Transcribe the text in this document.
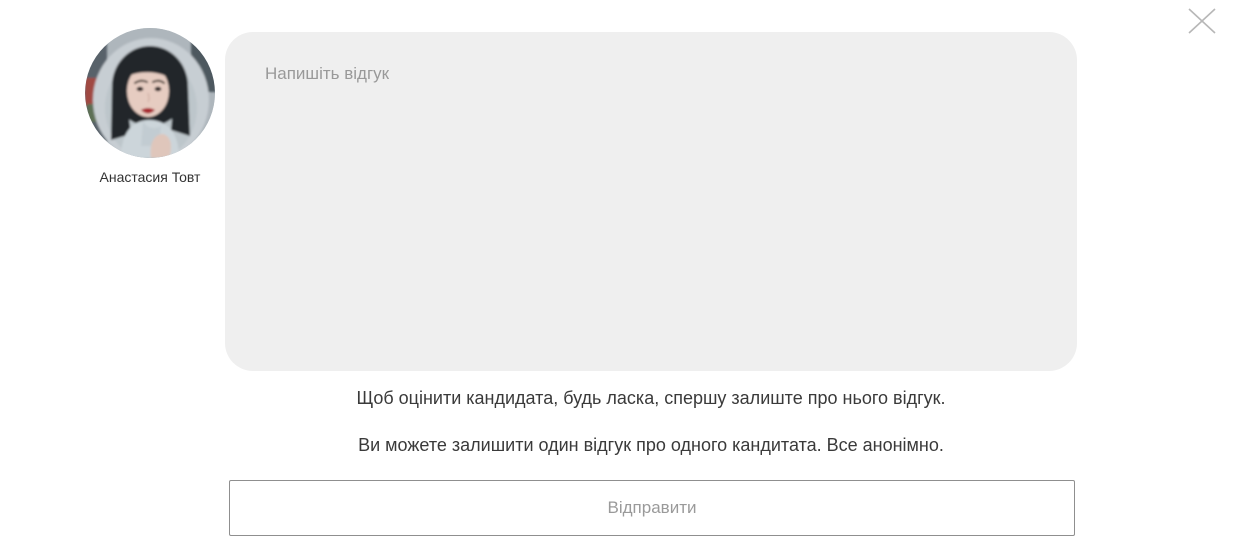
Анастасия Товт
Напишіть відгук

Щоб оцінити кандидата, будь ласка, спершу залиште про нього відгук.

Ви можете залишити один відгук про одного кандитата. Все анонімно.

Відправити
